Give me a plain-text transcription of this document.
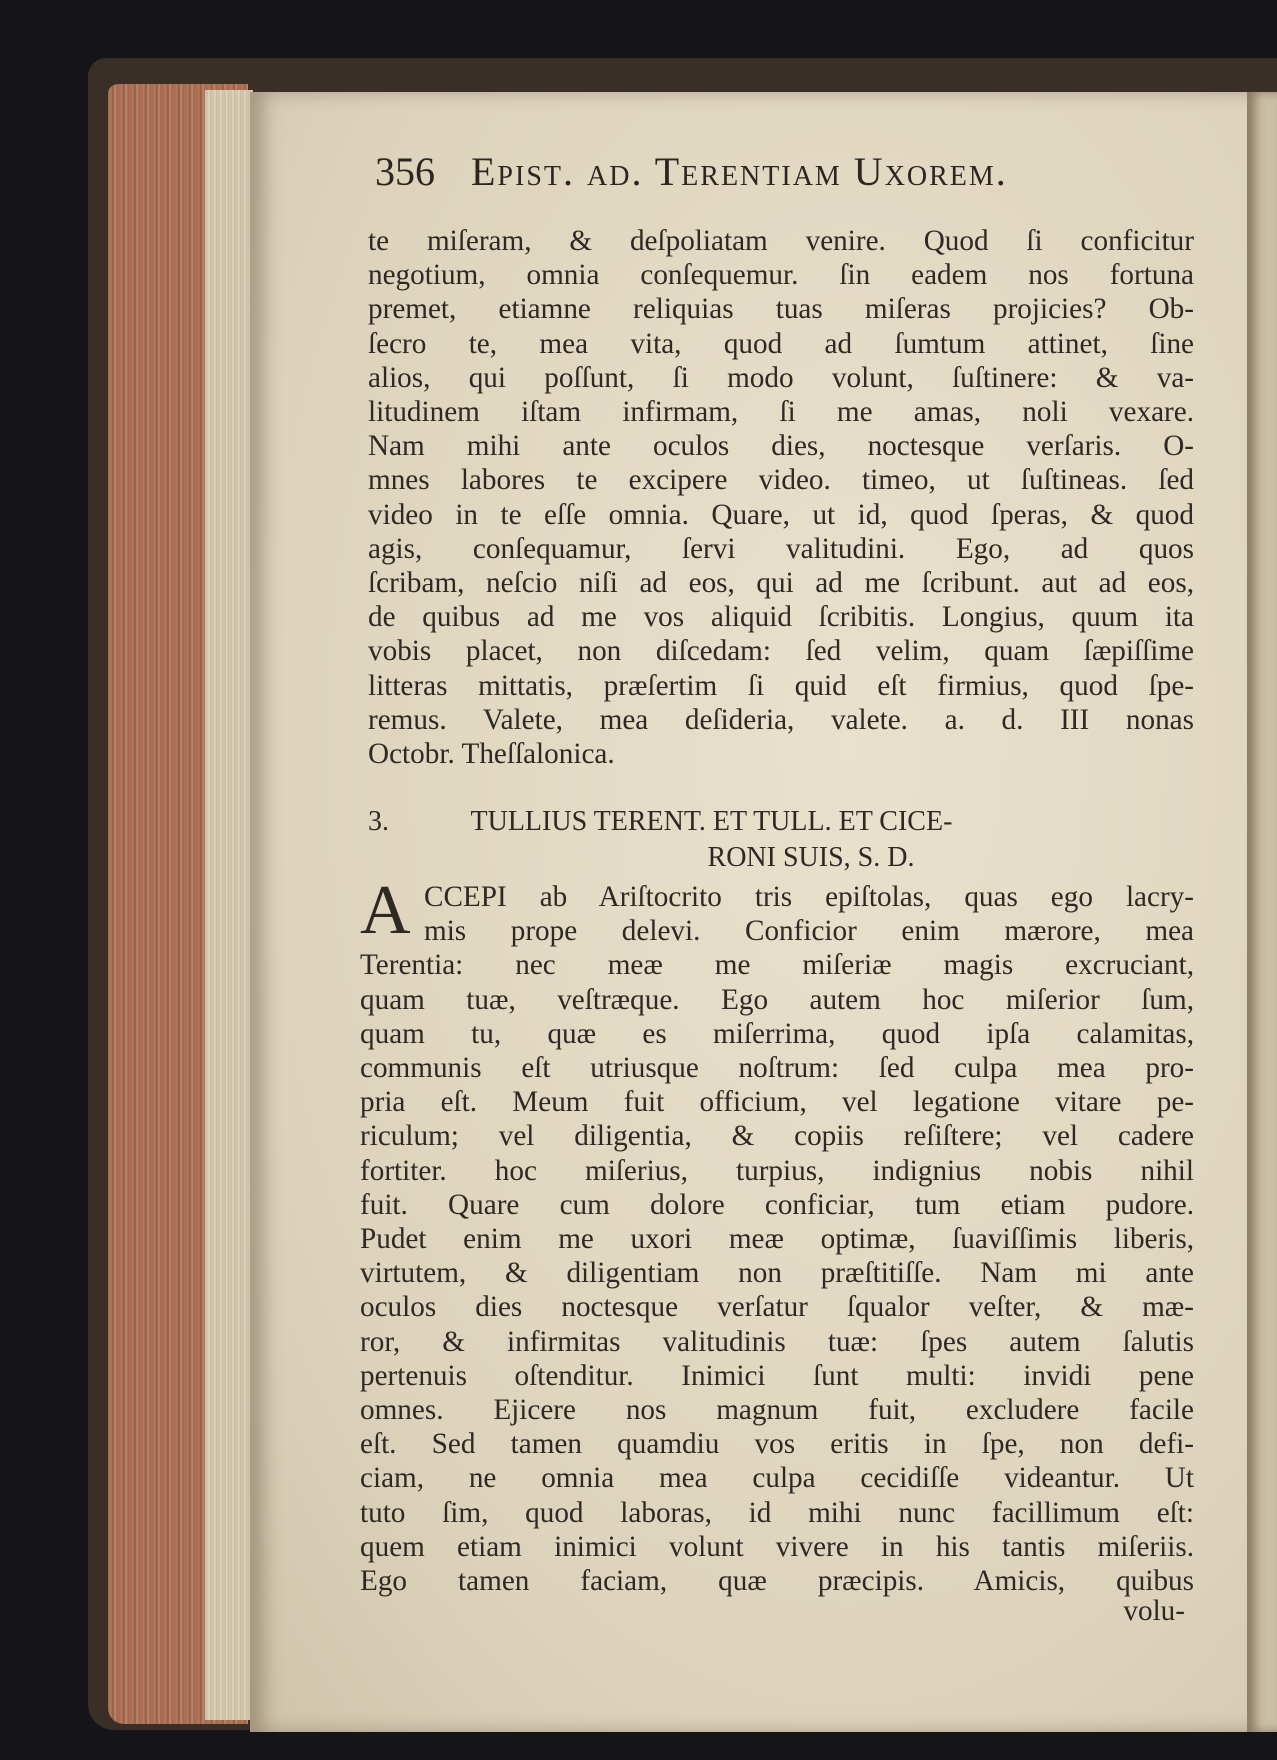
356 Epist. ad. Terentiam Uxorem.
te miſeram, & deſpoliatam venire. Quod ſi conficitur
negotium, omnia conſequemur. ſin eadem nos fortuna
premet, etiamne reliquias tuas miſeras projicies? Ob-
ſecro te, mea vita, quod ad ſumtum attinet, ſine
alios, qui poſſunt, ſi modo volunt, ſuſtinere: & va-
litudinem iſtam infirmam, ſi me amas, noli vexare.
Nam mihi ante oculos dies, noctesque verſaris. O-
mnes labores te excipere video. timeo, ut ſuſtineas. ſed
video in te eſſe omnia. Quare, ut id, quod ſperas, & quod
agis, conſequamur, ſervi valitudini. Ego, ad quos
ſcribam, neſcio niſi ad eos, qui ad me ſcribunt. aut ad eos,
de quibus ad me vos aliquid ſcribitis. Longius, quum ita
vobis placet, non diſcedam: ſed velim, quam ſæpiſſime
litteras mittatis, præſertim ſi quid eſt firmius, quod ſpe-
remus. Valete, mea deſideria, valete. a. d. III nonas
Octobr. Theſſalonica.
3.	TULLIUS TERENT. ET TULL. ET CICE-
RONI SUIS, S. D.
A CCEPI ab Ariſtocrito tris epiſtolas, quas ego lacry-
mis prope delevi. Conficior enim mærore, mea
Terentia: nec meæ me miſeriæ magis excruciant,
quam tuæ, veſtræque. Ego autem hoc miſerior ſum,
quam tu, quæ es miſerrima, quod ipſa calamitas,
communis eſt utriusque noſtrum: ſed culpa mea pro-
pria eſt. Meum fuit officium, vel legatione vitare pe-
riculum; vel diligentia, & copiis reſiſtere; vel cadere
fortiter. hoc miſerius, turpius, indignius nobis nihil
fuit. Quare cum dolore conficiar, tum etiam pudore.
Pudet enim me uxori meæ optimæ, ſuaviſſimis liberis,
virtutem, & diligentiam non præſtitiſſe. Nam mi ante
oculos dies noctesque verſatur ſqualor veſter, & mæ-
ror, & infirmitas valitudinis tuæ: ſpes autem ſalutis
pertenuis oſtenditur. Inimici ſunt multi: invidi pene
omnes. Ejicere nos magnum fuit, excludere facile
eſt. Sed tamen quamdiu vos eritis in ſpe, non defi-
ciam, ne omnia mea culpa cecidiſſe videantur. Ut
tuto ſim, quod laboras, id mihi nunc facillimum eſt:
quem etiam inimici volunt vivere in his tantis miſeriis.
Ego tamen faciam, quæ præcipis. Amicis, quibus
volu-
